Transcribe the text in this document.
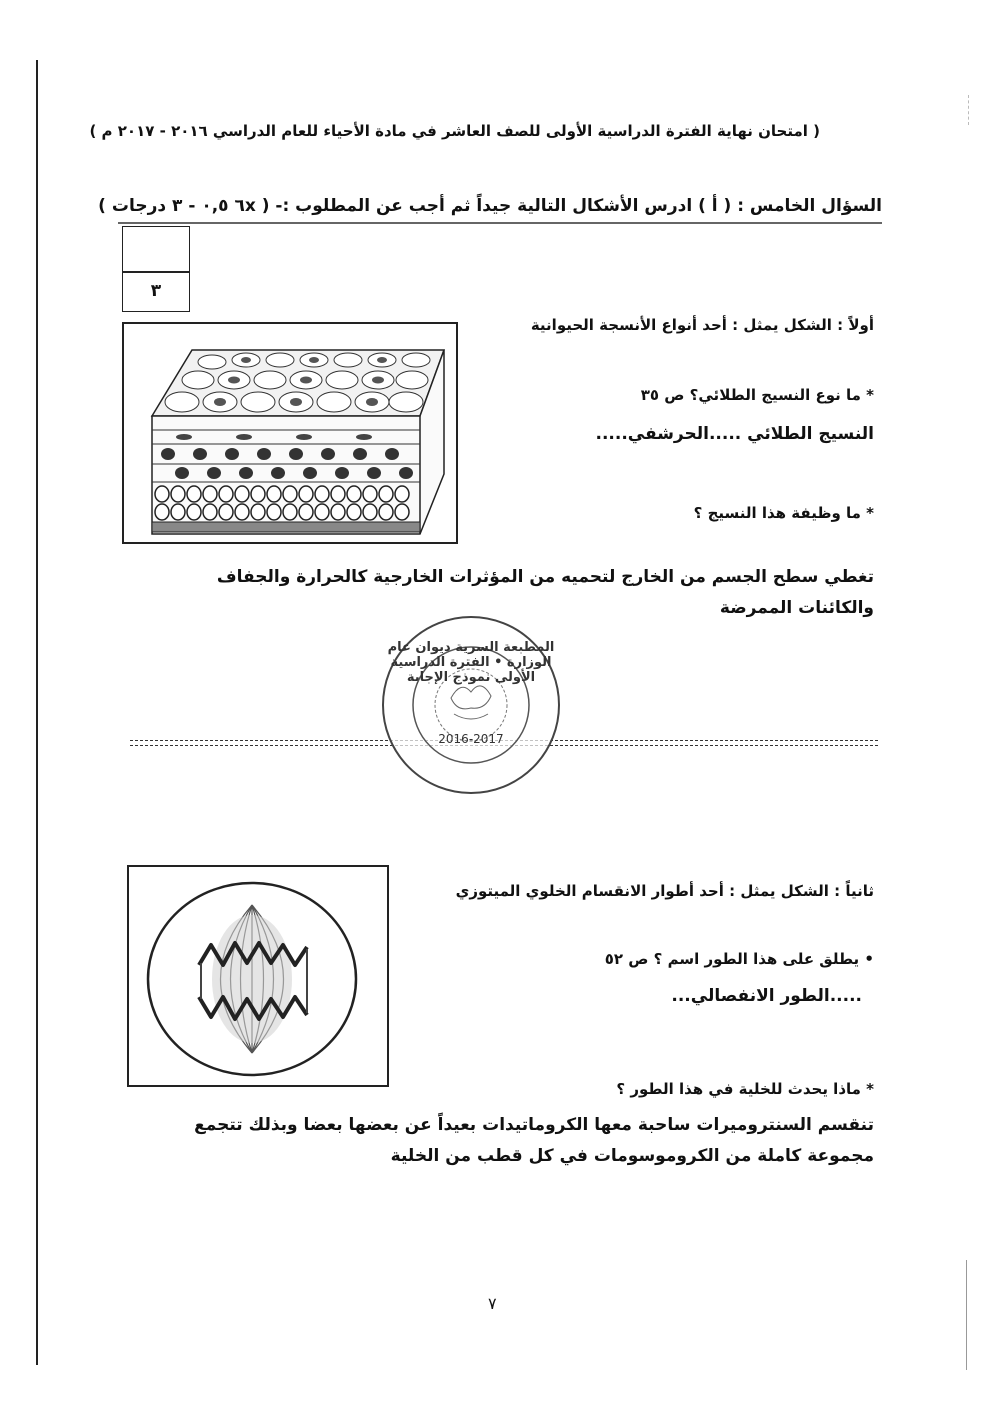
( امتحان نهاية الفترة الدراسية الأولى للصف العاشر في مادة الأحياء للعام الدراسي ٢٠١٦ - ٢٠١٧ م )
السؤال الخامس : ( أ ) ادرس الأشكال التالية جيداً ثم أجب عن المطلوب :- ( ٦x ٠,٥ - ٣ درجات )
٣
أولاً : الشكل يمثل : أحد أنواع الأنسجة الحيوانية
* ما نوع النسيج الطلائي؟ ص ٣٥
النسيج الطلائي .....الحرشفي.....
* ما وظيفة هذا النسيج ؟
تغطي سطح الجسم من الخارج لتحميه من المؤثرات الخارجية كالحرارة والجفاف والكائنات الممرضة
المطبعة السرية ديوان عام الوزارة • الفترة الدراسية الأولى نموذج الإجابة
2016-2017
ثانياً : الشكل يمثل : أحد أطوار الانقسام الخلوي الميتوزي
• يطلق على هذا الطور اسم ؟ ص ٥٢
.....الطور الانفصالي...
* ماذا يحدث للخلية في هذا الطور ؟
تنقسم السنتروميرات ساحبة معها الكروماتيدات بعيداً عن بعضها بعضا وبذلك تتجمع مجموعة كاملة من الكروموسومات في كل قطب من الخلية
٧
